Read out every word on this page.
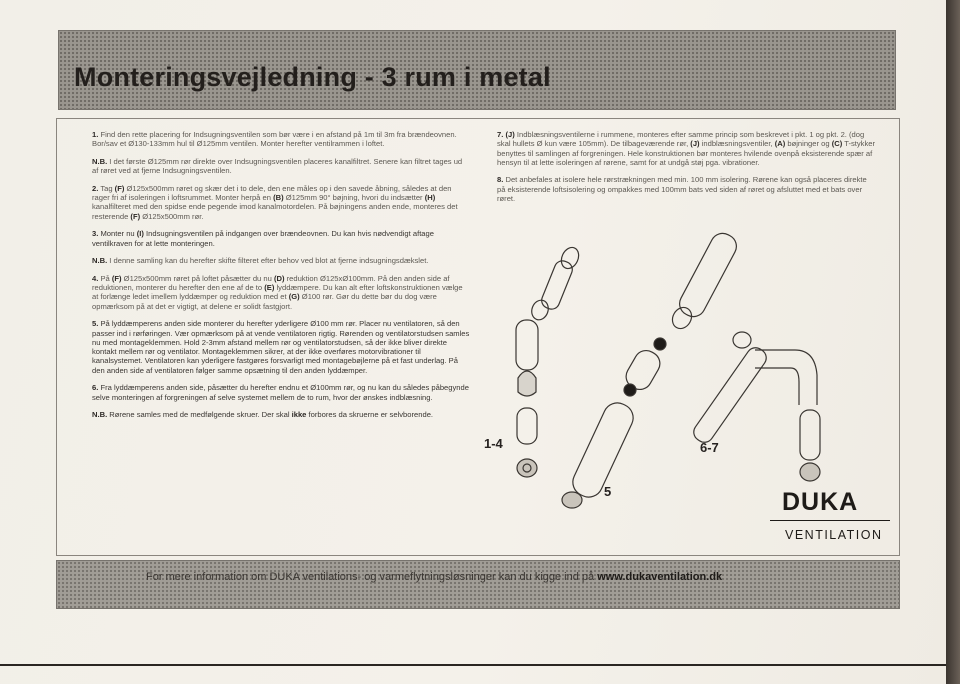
Monteringsvejledning - 3 rum i metal

1. Find den rette placering for Indsugningsventilen som bør være i en afstand på 1m til 3m fra brændeovnen. Bor/sav et Ø130-133mm hul til Ø125mm ventilen. Monter herefter ventilrammen i loftet.

N.B. I det første Ø125mm rør direkte over Indsugningsventilen placeres kanalfiltret. Senere kan filtret tages ud af røret ved at fjerne Indsugningsventilen.

2. Tag (F) Ø125x500mm røret og skær det i to dele, den ene måles op i den savede åbning, således at den rager fri af isoleringen i loftsrummet. Monter herpå en (B) Ø125mm 90° bøjning, hvori du indsætter (H) kanalfilteret med den spidse ende pegende imod kanalmotordelen. På bøjningens anden ende, monteres det resterende (F) Ø125x500mm rør.

3. Monter nu (I) Indsugningsventilen på indgangen over brændeovnen. Du kan hvis nødvendigt aftage ventilkraven for at lette monteringen.

N.B. I denne samling kan du herefter skifte filteret efter behov ved blot at fjerne indsugningsdækslet.

4. På (F) Ø125x500mm røret på loftet påsætter du nu (D) reduktion Ø125xØ100mm. På den anden side af reduktionen, monterer du herefter den ene af de to (E) lyddæmpere. Du kan alt efter loftskonstruktionen vælge at forlænge ledet imellem lyddæmper og reduktion med et (G) Ø100 rør. Gør du dette bør du dog være opmærksom på at det er vigtigt, at delene er solidt fastgjort.

5. På lyddæmperens anden side monterer du herefter yderligere Ø100 mm rør. Placer nu ventilatoren, så den passer ind i rørføringen. Vær opmærksom på at vende ventilatoren rigtig. Rørenden og ventilatorstudsen samles nu med montageklemmen. Hold 2-3mm afstand mellem rør og ventilatorstudsen, så der ikke bliver direkte kontakt mellem rør og ventilator. Montageklemmen sikrer, at der ikke overføres motorvibrationer til kanalsystemet. Ventilatoren kan yderligere fastgøres forsvarligt med montagebøjlerne på et fast underlag. På den anden side af ventilatoren følger samme opsætning til den anden lyddæmper.

6. Fra lyddæmperens anden side, påsætter du herefter endnu et Ø100mm rør, og nu kan du således påbegynde selve monteringen af forgreningen af selve systemet mellem de to rum, hvor der ønskes indblæsning.

N.B. Rørene samles med de medfølgende skruer. Der skal ikke forbores da skruerne er selvborende.

7. (J) Indblæsningsventilerne i rummene, monteres efter samme princip som beskrevet i pkt. 1 og pkt. 2. (dog skal hullets Ø kun være 105mm). De tilbageværende rør, (J) indblæsningsventiler, (A) bøjninger og (C) T-stykker benyttes til samlingen af forgreningen. Hele konstruktionen bør monteres hvilende ovenpå eksisterende spær af hensyn til at lette isoleringen af rørene, samt for at undgå støj pga. vibrationer.

8. Det anbefales at isolere hele rørstrækningen med min. 100 mm isolering. Rørene kan også placeres direkte på eksisterende loftsisolering og ompakkes med 100mm bats ved siden af røret og afsluttet med et bats over røret.

1-4
5
6-7
DUKA
VENTILATION
For mere information om DUKA ventilations- og varmeflytningsløsninger kan du kigge ind på www.dukaventilation.dk
